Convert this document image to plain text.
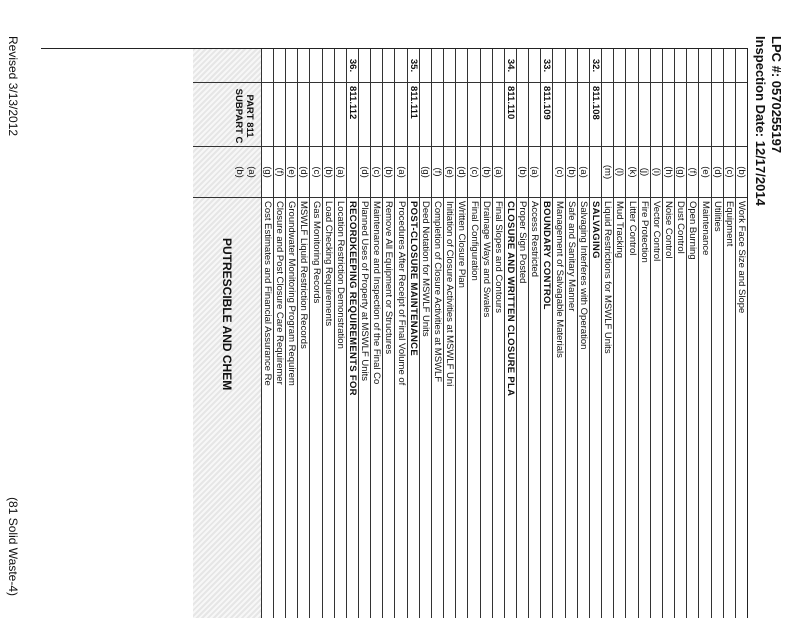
LPC #: 0570255197
Inspection Date: 12/17/2014
(b)
Work Face Size and Slope
(c)
Equipment
(d)
Utilities
(e)
Maintenance
(f)
Open Burning
(g)
Dust Control
(h)
Noise Control
(i)
Vector Control
(j)
Fire Protection
(k)
Litter Control
(l)
Mud Tracking
(m)
Liquid Restrictions for MSWLF Units
32.
811.108
SALVAGING
(a)
Salvaging Interferes with Operation
(b)
Safe and Sanitary Manner
(c)
Management of Salvagable Materials
33.
811.109
BOUNDARY CONTROL
(a)
Access Restricted
(b)
Proper Sign Posted
34.
811.110
CLOSURE AND WRITTEN CLOSURE PLA
(a)
Final Slopes and Contours
(b)
Drainage Ways and Swales
(c)
Final Configuration
(d)
Written Closure Plan
(e)
Initiation of Closure Activities at MSWLF Uni
(f)
Completion of Closure Activities at MSWLF
(g)
Deed Notation for MSWLF Units
35.
811.111
POST-CLOSURE MAINTENANCE
(a)
Procedures After Receipt of Final Volume of
(b)
Remove All Equipment or Structures
(c)
Maintenance and Inspection of the Final Co
(d)
Planned Uses of Property at MSWLF Units
36.
811.112
RECORDKEEPING REQUIREMENTS FOR
(a)
Location Restriction Demonstration
(b)
Load Checking Requirements
(c)
Gas Monitoring Records
(d)
MSWLF Liquid Restriction Records
(e)
Groundwater Monitoring Program Requirem
(f)
Closure and Post Closure Care Requiremer
(g)
Cost Estimates and Financial Assurance Re
PART 811 SUBPART C
(a)
(b)
PUTRESCIBLE AND CHEM
Revised 3/13/2012
(81 Solid Waste-4)
